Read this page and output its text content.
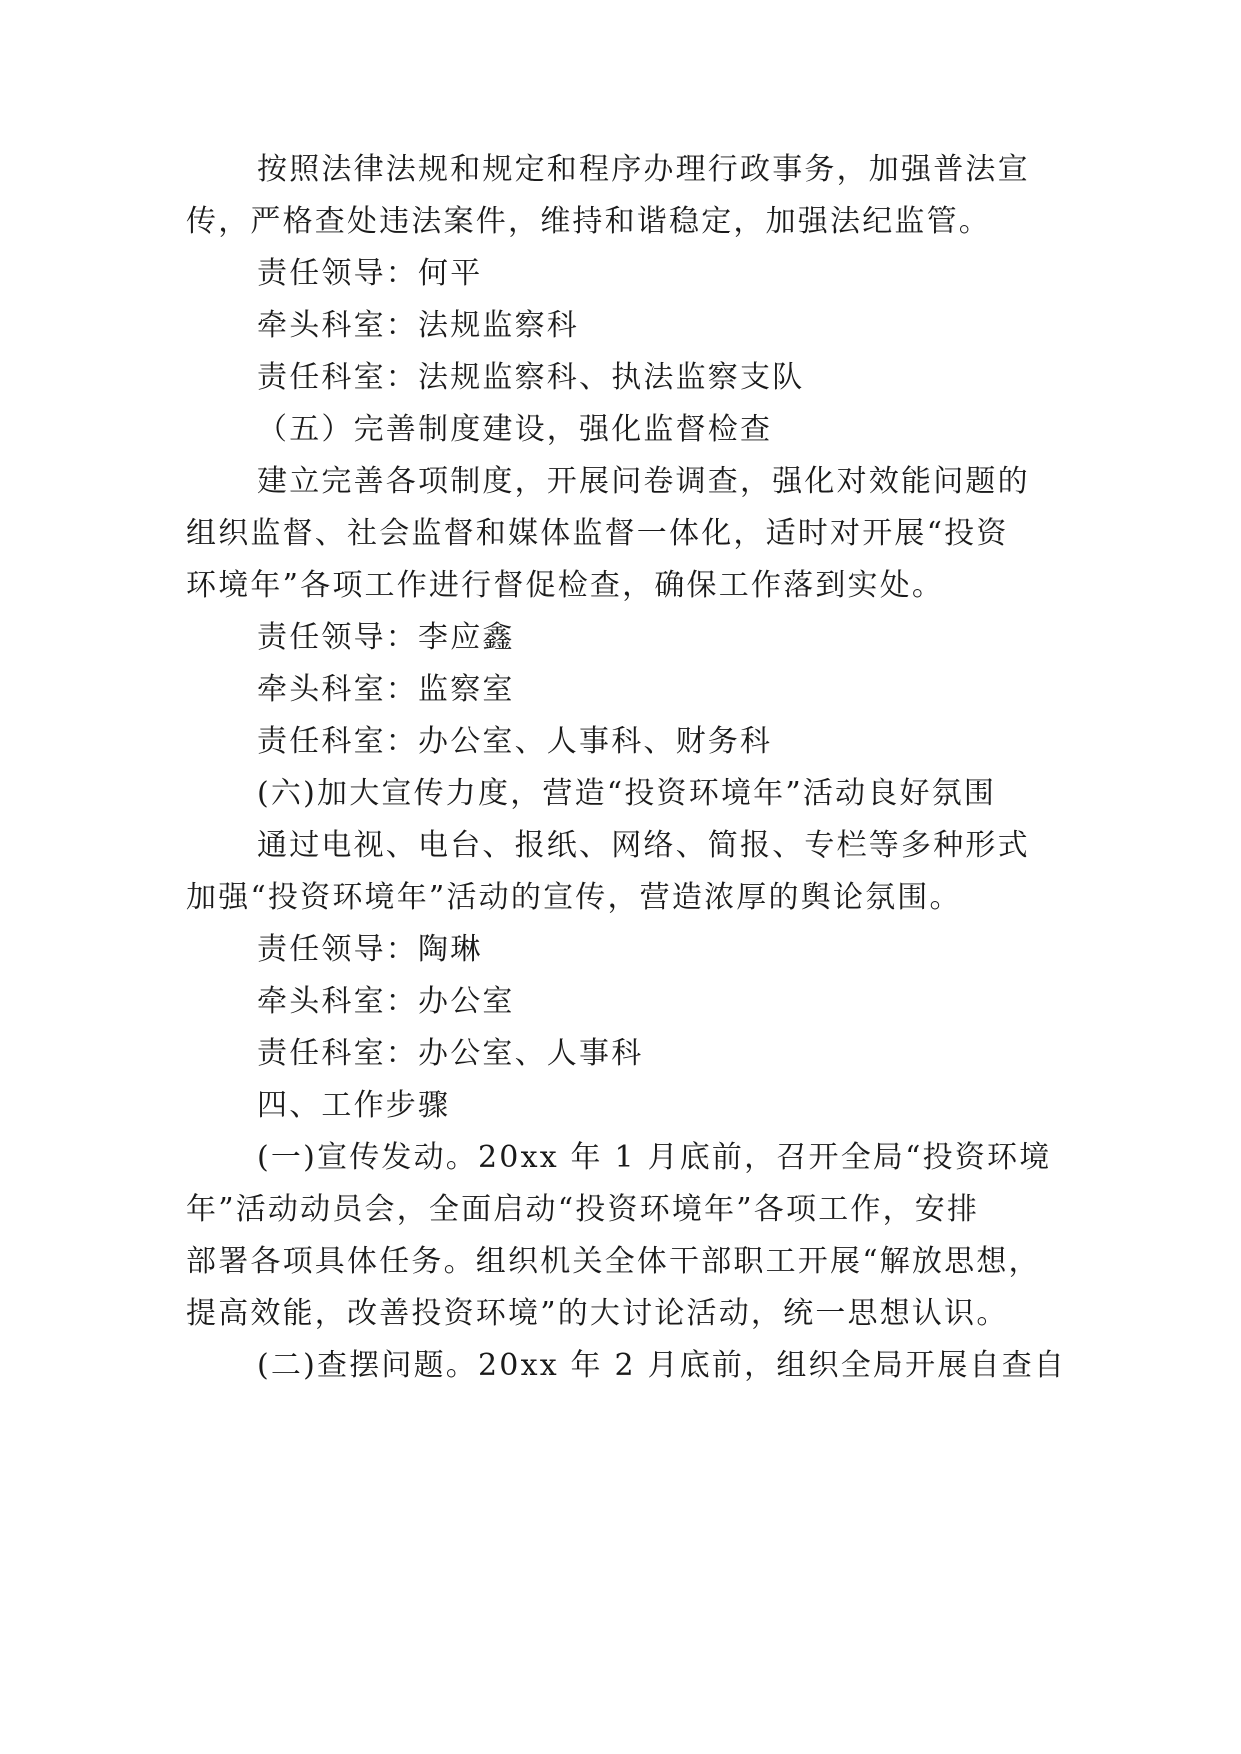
按照法律法规和规定和程序办理行政事务，加强普法宣
传，严格查处违法案件，维持和谐稳定，加强法纪监管。
责任领导：何平
牵头科室：法规监察科
责任科室：法规监察科、执法监察支队
（五）完善制度建设，强化监督检查
建立完善各项制度，开展问卷调查，强化对效能问题的
组织监督、社会监督和媒体监督一体化，适时对开展“投资
环境年”各项工作进行督促检查，确保工作落到实处。
责任领导：李应鑫
牵头科室：监察室
责任科室：办公室、人事科、财务科
(六)加大宣传力度，营造“投资环境年”活动良好氛围
通过电视、电台、报纸、网络、简报、专栏等多种形式
加强“投资环境年”活动的宣传，营造浓厚的舆论氛围。
责任领导：陶琳
牵头科室：办公室
责任科室：办公室、人事科
四、工作步骤
(一)宣传发动。20xx 年 1 月底前，召开全局“投资环境
年”活动动员会，全面启动“投资环境年”各项工作，安排
部署各项具体任务。组织机关全体干部职工开展“解放思想，
提高效能，改善投资环境”的大讨论活动，统一思想认识。
(二)查摆问题。20xx 年 2 月底前，组织全局开展自查自
